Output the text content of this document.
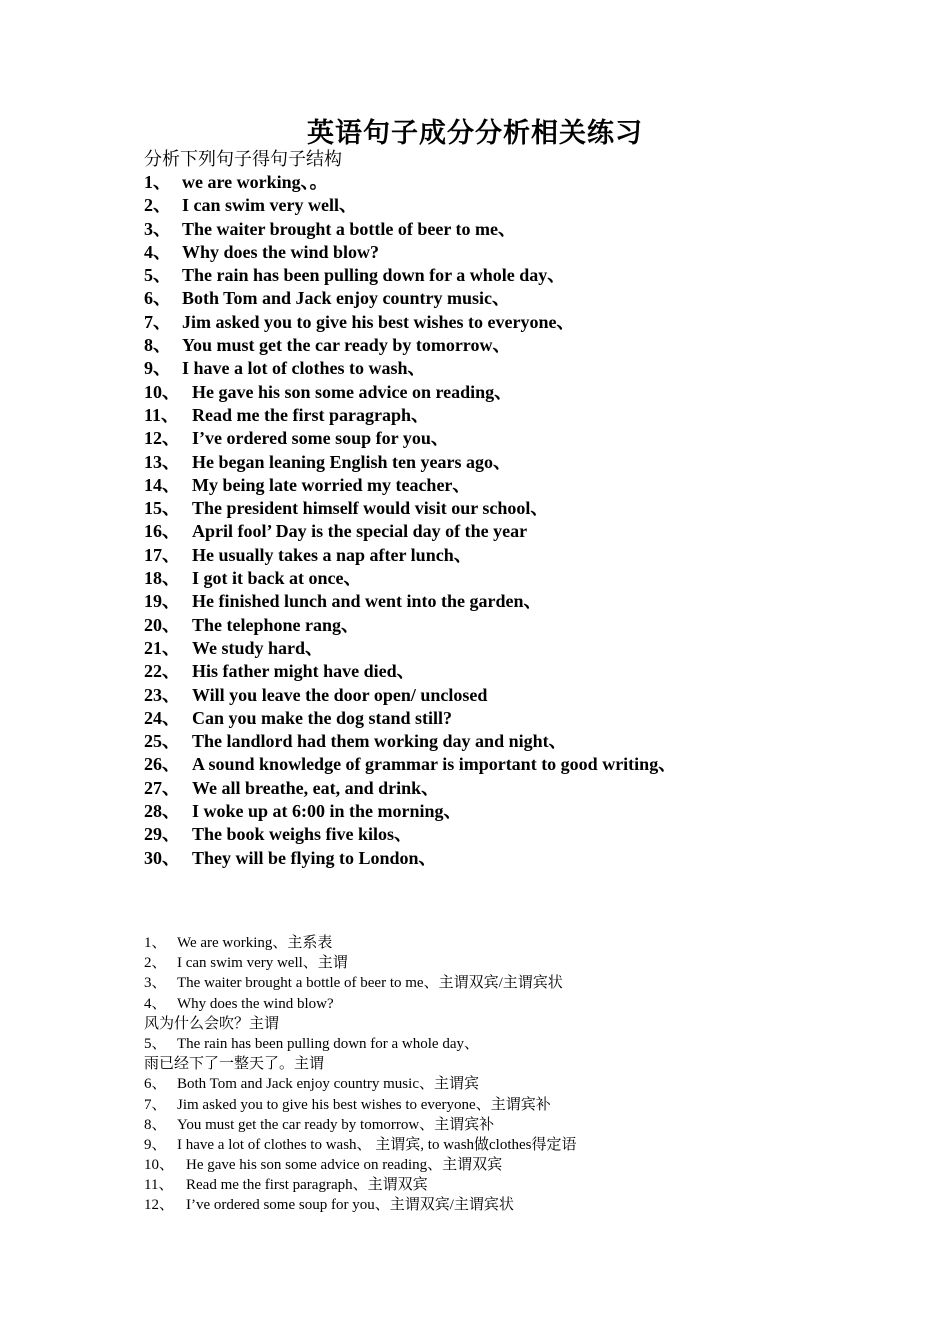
英语句子成分分析相关练习
分析下列句子得句子结构
1、 we are working、。
2、 I can swim very well、
3、 The waiter brought a bottle of beer to me、
4、 Why does the wind blow?
5、 The rain has been pulling down for a whole day、
6、 Both Tom and Jack enjoy country music、
7、 Jim asked you to give his best wishes to everyone、
8、 You must get the car ready by tomorrow、
9、 I have a lot of clothes to wash、
10、 He gave his son some advice on reading、
11、 Read me the first paragraph、
12、 I’ve ordered some soup for you、
13、 He began leaning English ten years ago、
14、 My being late worried my teacher、
15、 The president himself would visit our school、
16、 April fool’ Day is the special day of the year
17、 He usually takes a nap after lunch、
18、 I got it back at once、
19、 He finished lunch and went into the garden、
20、 The telephone rang、
21、 We study hard、
22、 His father might have died、
23、 Will you leave the door open/ unclosed
24、 Can you make the dog stand still?
25、 The landlord had them working day and night、
26、 A sound knowledge of grammar is important to good writing、
27、 We all breathe, eat, and drink、
28、 I woke up at 6:00 in the morning、
29、 The book weighs five kilos、
30、 They will be flying to London、
1、 We are working、主系表
2、 I can swim very well、主谓
3、 The waiter brought a bottle of beer to me、主谓双宾/主谓宾状
4、 Why does the wind blow?
风为什么会吹？主谓
5、 The rain has been pulling down for a whole day、
雨已经下了一整天了。主谓
6、 Both Tom and Jack enjoy country music、主谓宾
7、 Jim asked you to give his best wishes to everyone、主谓宾补
8、 You must get the car ready by tomorrow、主谓宾补
9、 I have a lot of clothes to wash、 主谓宾, to wash做clothes得定语
10、 He gave his son some advice on reading、主谓双宾
11、 Read me the first paragraph、主谓双宾
12、 I’ve ordered some soup for you、主谓双宾/主谓宾状
